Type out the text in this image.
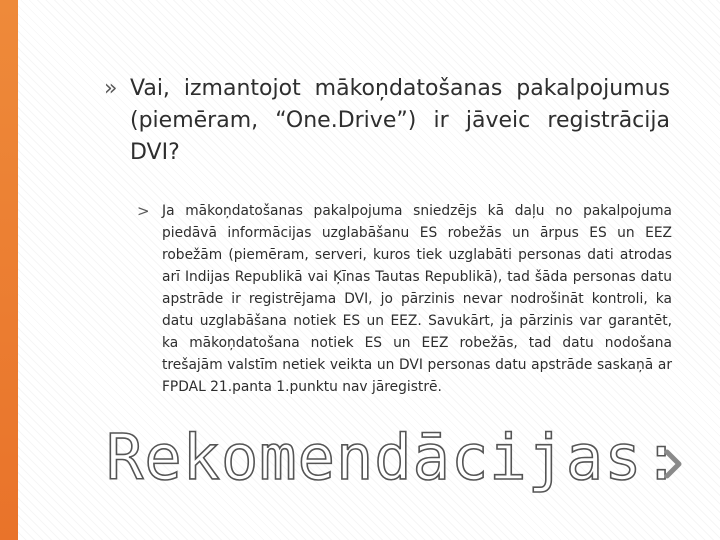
» Vai, izmantojot mākoņdatošanas pakalpojumus (piemēram, “One.Drive”) ir jāveic registrācija DVI?

> Ja mākoņdatošanas pakalpojuma sniedzējs kā daļu no pakalpojuma piedāvā informācijas uzglabāšanu ES robežās un ārpus ES un EEZ robežām (piemēram, serveri, kuros tiek uzglabāti personas dati atrodas arī Indijas Republikā vai Ķīnas Tautas Republikā), tad šāda personas datu apstrāde ir registrējama DVI, jo pārzinis nevar nodrošināt kontroli, ka datu uzglabāšana notiek ES un EEZ. Savukārt, ja pārzinis var garantēt, ka mākoņdatošana notiek ES un EEZ robežās, tad datu nodošana trešajām valstīm netiek veikta un DVI personas datu apstrāde saskaņā ar FPDAL 21.panta 1.punktu nav jāregistrē.

Rekomendācijas:
